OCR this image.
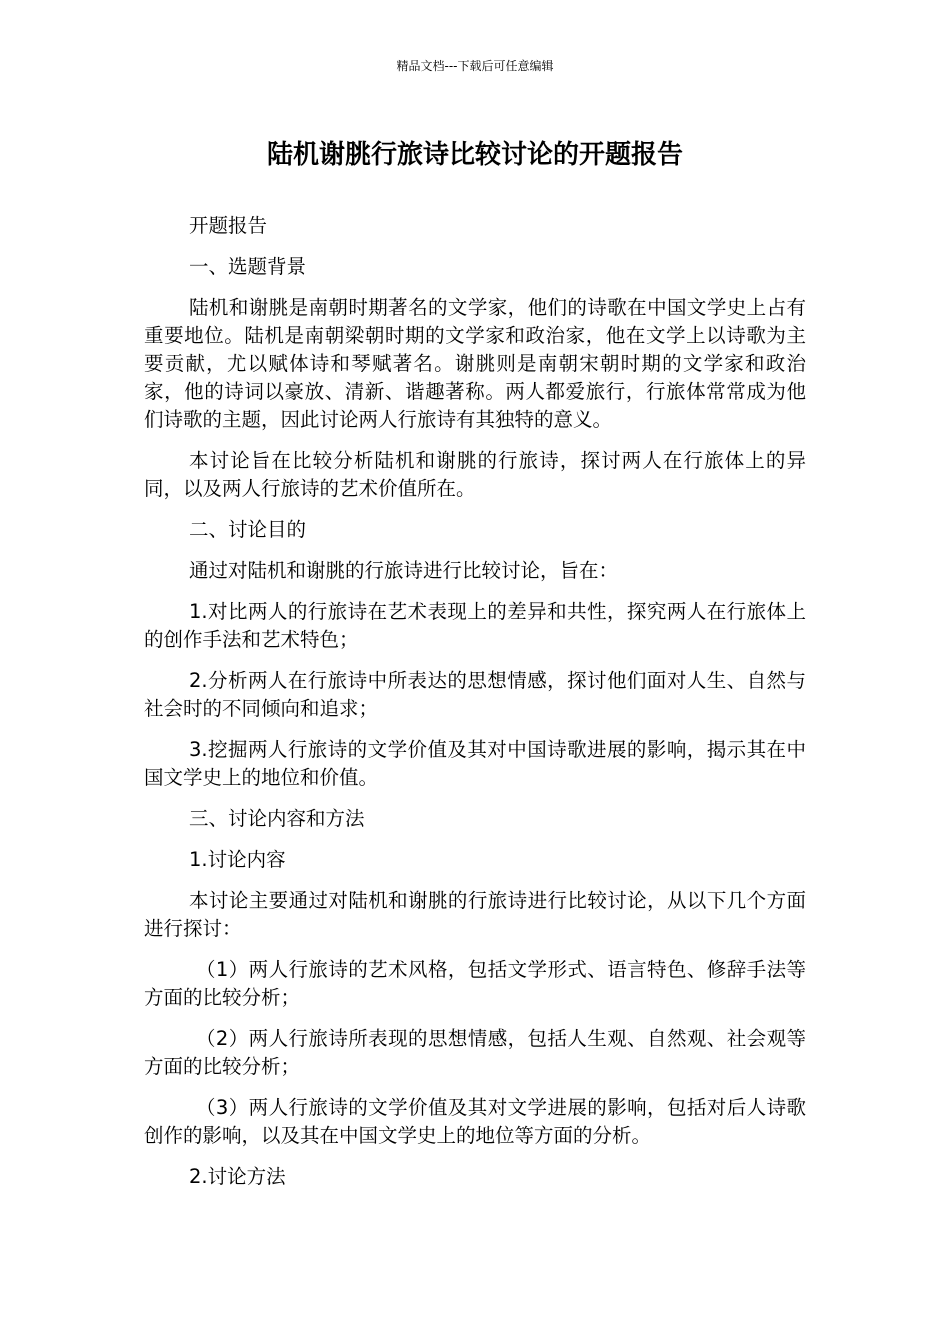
精品文档---下载后可任意编辑
陆机谢朓行旅诗比较讨论的开题报告

开题报告

一、选题背景

陆机和谢朓是南朝时期著名的文学家，他们的诗歌在中国文学史上占有重要地位。陆机是南朝梁朝时期的文学家和政治家，他在文学上以诗歌为主要贡献，尤以赋体诗和琴赋著名。谢朓则是南朝宋朝时期的文学家和政治家，他的诗词以豪放、清新、谐趣著称。两人都爱旅行，行旅体常常成为他们诗歌的主题，因此讨论两人行旅诗有其独特的意义。

本讨论旨在比较分析陆机和谢朓的行旅诗，探讨两人在行旅体上的异同，以及两人行旅诗的艺术价值所在。

二、讨论目的

通过对陆机和谢朓的行旅诗进行比较讨论，旨在：

1.对比两人的行旅诗在艺术表现上的差异和共性，探究两人在行旅体上的创作手法和艺术特色；

2.分析两人在行旅诗中所表达的思想情感，探讨他们面对人生、自然与社会时的不同倾向和追求；

3.挖掘两人行旅诗的文学价值及其对中国诗歌进展的影响，揭示其在中国文学史上的地位和价值。

三、讨论内容和方法

1.讨论内容

本讨论主要通过对陆机和谢朓的行旅诗进行比较讨论，从以下几个方面进行探讨：

（1）两人行旅诗的艺术风格，包括文学形式、语言特色、修辞手法等方面的比较分析；

（2）两人行旅诗所表现的思想情感，包括人生观、自然观、社会观等方面的比较分析；

（3）两人行旅诗的文学价值及其对文学进展的影响，包括对后人诗歌创作的影响，以及其在中国文学史上的地位等方面的分析。

2.讨论方法
